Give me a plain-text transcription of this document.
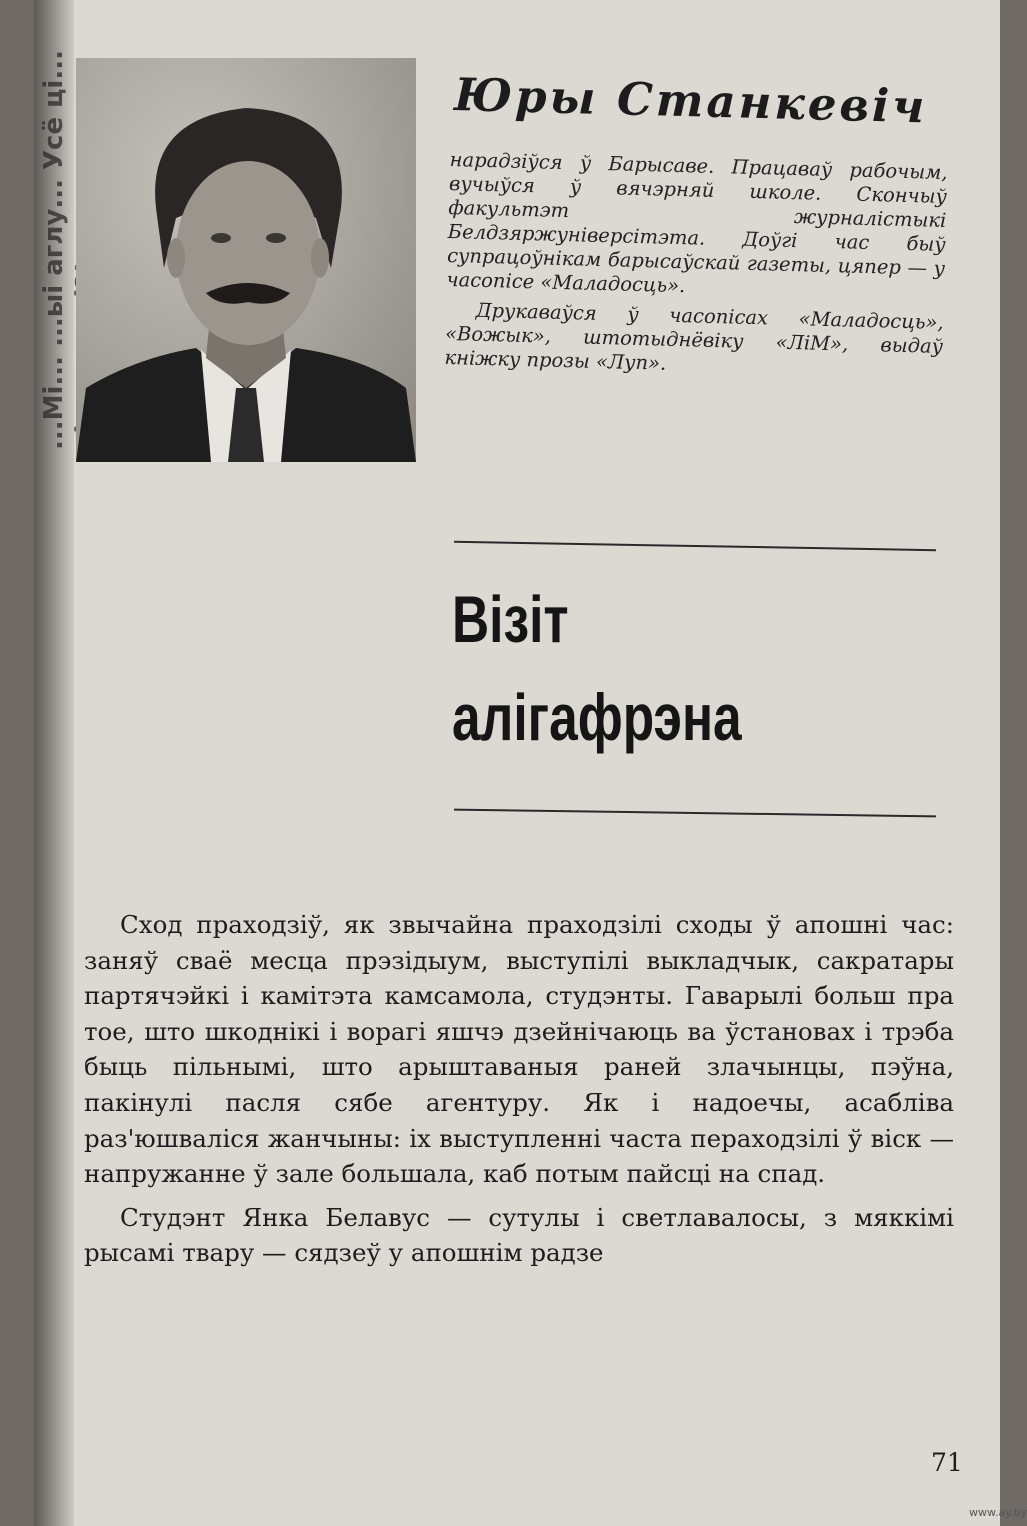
...Мі... ...ыі аглу... Усё ці...	Юры Станкевіч

нарадзіўся ў Барысаве. Працаваў рабочым, вучыўся ў вячэрняй школе. Скончыў факультэт журналістыкі Белдзяржуніверсітэта. Доўгі час быў супрацоўнікам барысаўскай газеты, цяпер — у часопісе «Маладосць».

Друкаваўся ў часопісах «Маладосць», «Вожык», штотыднёвіку «ЛіМ», выдаў кніжку прозы «Луп».

Візіт
алігафрэна

Сход праходзіў, як звычайна праходзілі сходы ў апошні час: заняў сваё месца прэзідыум, выступілі выкладчык, сакратары партячэйкі і камітэта камсамола, студэнты. Гаварылі больш пра тое, што шкоднікі і ворагі яшчэ дзейнічаюць ва ўстановах і трэба быць пільнымі, што арыштаваныя раней злачынцы, пэўна, пакінулі пасля сябе агентуру. Як і надоечы, асабліва раз'юшваліся жанчыны: іх выступленні часта пераходзілі ў віск — напружанне ў зале большала, каб потым пайсці на спад.

Студэнт Янка Белавус — сутулы і светлавалосы, з мяккімі рысамі твару — сядзеў у апошнім радзе

71
www.ay.by
